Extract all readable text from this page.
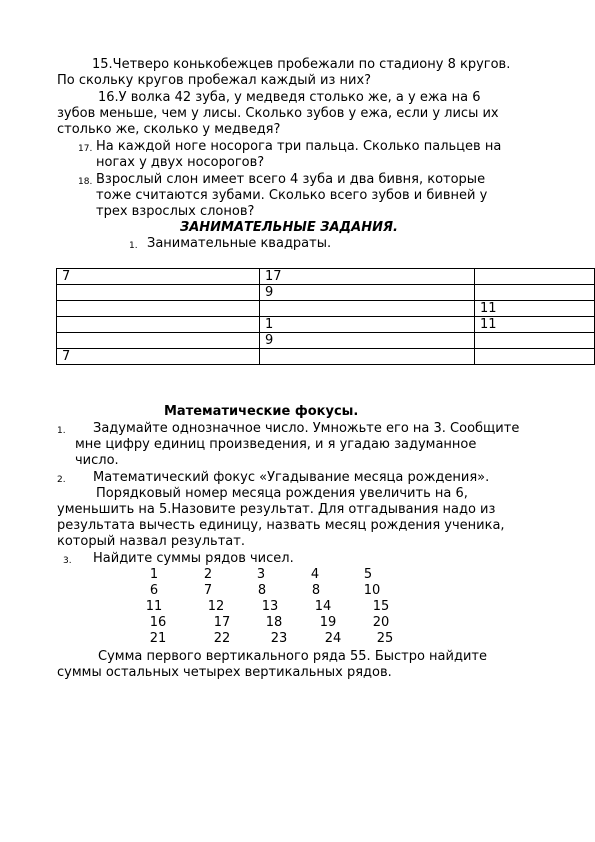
15.Четверо конькобежцев пробежали по стадиону 8 кругов.
По скольку кругов пробежал каждый из них?
16.У волка 42 зуба, у медведя столько же, а у ежа на 6
зубов меньше, чем у лисы. Сколько зубов у ежа, если у лисы их
столько же, сколько у медведя?
17. На каждой ноге носорога три пальца. Сколько пальцев на
ногах у двух носорогов?
18. Взрослый слон имеет всего 4 зуба и два бивня, которые
тоже считаются зубами. Сколько всего зубов и бивней у
трех взрослых слонов?
ЗАНИМАТЕЛЬНЫЕ ЗАДАНИЯ.
1. Занимательные квадраты.
7	17	
	9	
		11
	1	11
	9	
7		
Математические фокусы.
1. Задумайте однозначное число. Умножьте его на 3. Сообщите
мне цифру единиц произведения, и я угадаю задуманное
число.
2. Математический фокус «Угадывание месяца рождения».
Порядковый номер месяца рождения увеличить на 6,
уменьшить на 5.Назовите результат. Для отгадывания надо из
результата вычесть единицу, назвать месяц рождения ученика,
который назвал результат.
3. Найдите суммы рядов чисел.
1	2	3	4	5
6	7	8	8	10
11	12	13	14	15
16	17	18	19	20
21	22	23	24	25
Сумма первого вертикального ряда 55. Быстро найдите
суммы остальных четырех вертикальных рядов.
